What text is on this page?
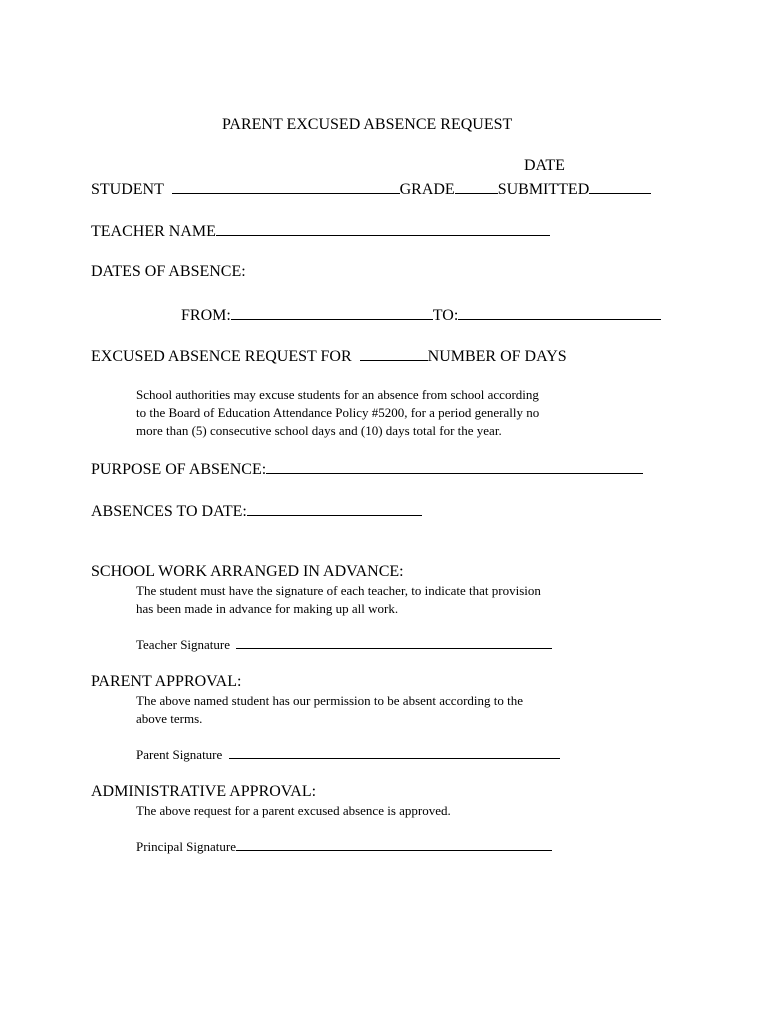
PARENT EXCUSED ABSENCE REQUEST
DATE
STUDENT	GRADE	SUBMITTED
TEACHER NAME
DATES OF ABSENCE:
FROM:	TO:
EXCUSED ABSENCE REQUEST FOR	NUMBER OF DAYS
School authorities may excuse students for an absence from school according
to the Board of Education Attendance Policy #5200, for a period generally no
more than (5) consecutive school days and (10) days total for the year.
PURPOSE OF ABSENCE:
ABSENCES TO DATE:
SCHOOL WORK ARRANGED IN ADVANCE:
The student must have the signature of each teacher, to indicate that provision
has been made in advance for making up all work.
Teacher Signature
PARENT APPROVAL:
The above named student has our permission to be absent according to the
above terms.
Parent Signature
ADMINISTRATIVE APPROVAL:
The above request for a parent excused absence is approved.
Principal Signature
